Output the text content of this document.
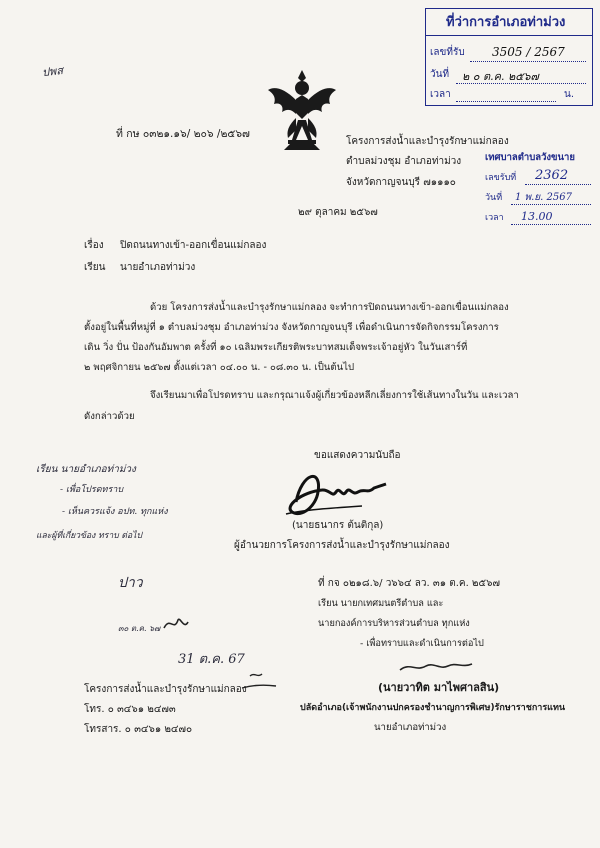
ปพส
ที่ว่าการอำเภอท่าม่วง
เลขที่รับ 3505 / 2567
วันที่ ๒ ๐ ต.ค. ๒๕๖๗
เวลา	น.
ที่ กษ ๐๓๒๑.๑๖/ ๒๐๖ /๒๕๖๗
โครงการส่งน้ำและบำรุงรักษาแม่กลอง
ตำบลม่วงชุม อำเภอท่าม่วง
จังหวัดกาญจนบุรี ๗๑๑๑๐
เทศบาลตำบลวังขนาย
เลขรับที่ 2362
วันที่ 1 พ.ย. 2567
เวลา 13.00
๒๙ ตุลาคม ๒๕๖๗
เรื่อง ปิดถนนทางเข้า-ออกเขื่อนแม่กลอง
เรียน นายอำเภอท่าม่วง
ด้วย โครงการส่งน้ำและบำรุงรักษาแม่กลอง จะทำการปิดถนนทางเข้า-ออกเขื่อนแม่กลอง
ตั้งอยู่ในพื้นที่หมู่ที่ ๑ ตำบลม่วงชุม อำเภอท่าม่วง จังหวัดกาญจนบุรี เพื่อดำเนินการจัดกิจกรรมโครงการ
เดิน วิ่ง ปั่น ป้องกันอัมพาต ครั้งที่ ๑๐ เฉลิมพระเกียรติพระบาทสมเด็จพระเจ้าอยู่หัว ในวันเสาร์ที่
๒ พฤศจิกายน ๒๕๖๗ ตั้งแต่เวลา ๐๔.๐๐ น. - ๐๘.๓๐ น. เป็นต้นไป
จึงเรียนมาเพื่อโปรดทราบ และกรุณาแจ้งผู้เกี่ยวข้องหลีกเลี่ยงการใช้เส้นทางในวัน และเวลา
ดังกล่าวด้วย
ขอแสดงความนับถือ
เรียน นายอำเภอท่าม่วง
- เพื่อโปรดทราบ
- เห็นควรแจ้ง อปท. ทุกแห่ง
และผู้ที่เกี่ยวข้อง ทราบ ต่อไป
(นายธนากร ต้นติกุล)
ผู้อำนวยการโครงการส่งน้ำและบำรุงรักษาแม่กลอง
ปาว
๓๐ ต.ค. ๖๗
31 ต.ค. 67
ที่ กจ ๐๒๑๘.๖/ ว๖๖๔ ลว. ๓๑ ต.ค. ๒๕๖๗
เรียน นายกเทศมนตรีตำบล และ
นายกองค์การบริหารส่วนตำบล ทุกแห่ง
- เพื่อทราบและดำเนินการต่อไป
(นายวาทิต มาไพศาลสิน)
ปลัดอำเภอ(เจ้าพนักงานปกครองชำนาญการพิเศษ)รักษาราชการแทน
นายอำเภอท่าม่วง
โครงการส่งน้ำและบำรุงรักษาแม่กลอง
โทร. ๐ ๓๔๖๑ ๒๔๗๓
โทรสาร. ๐ ๓๔๖๑ ๒๔๗๐
